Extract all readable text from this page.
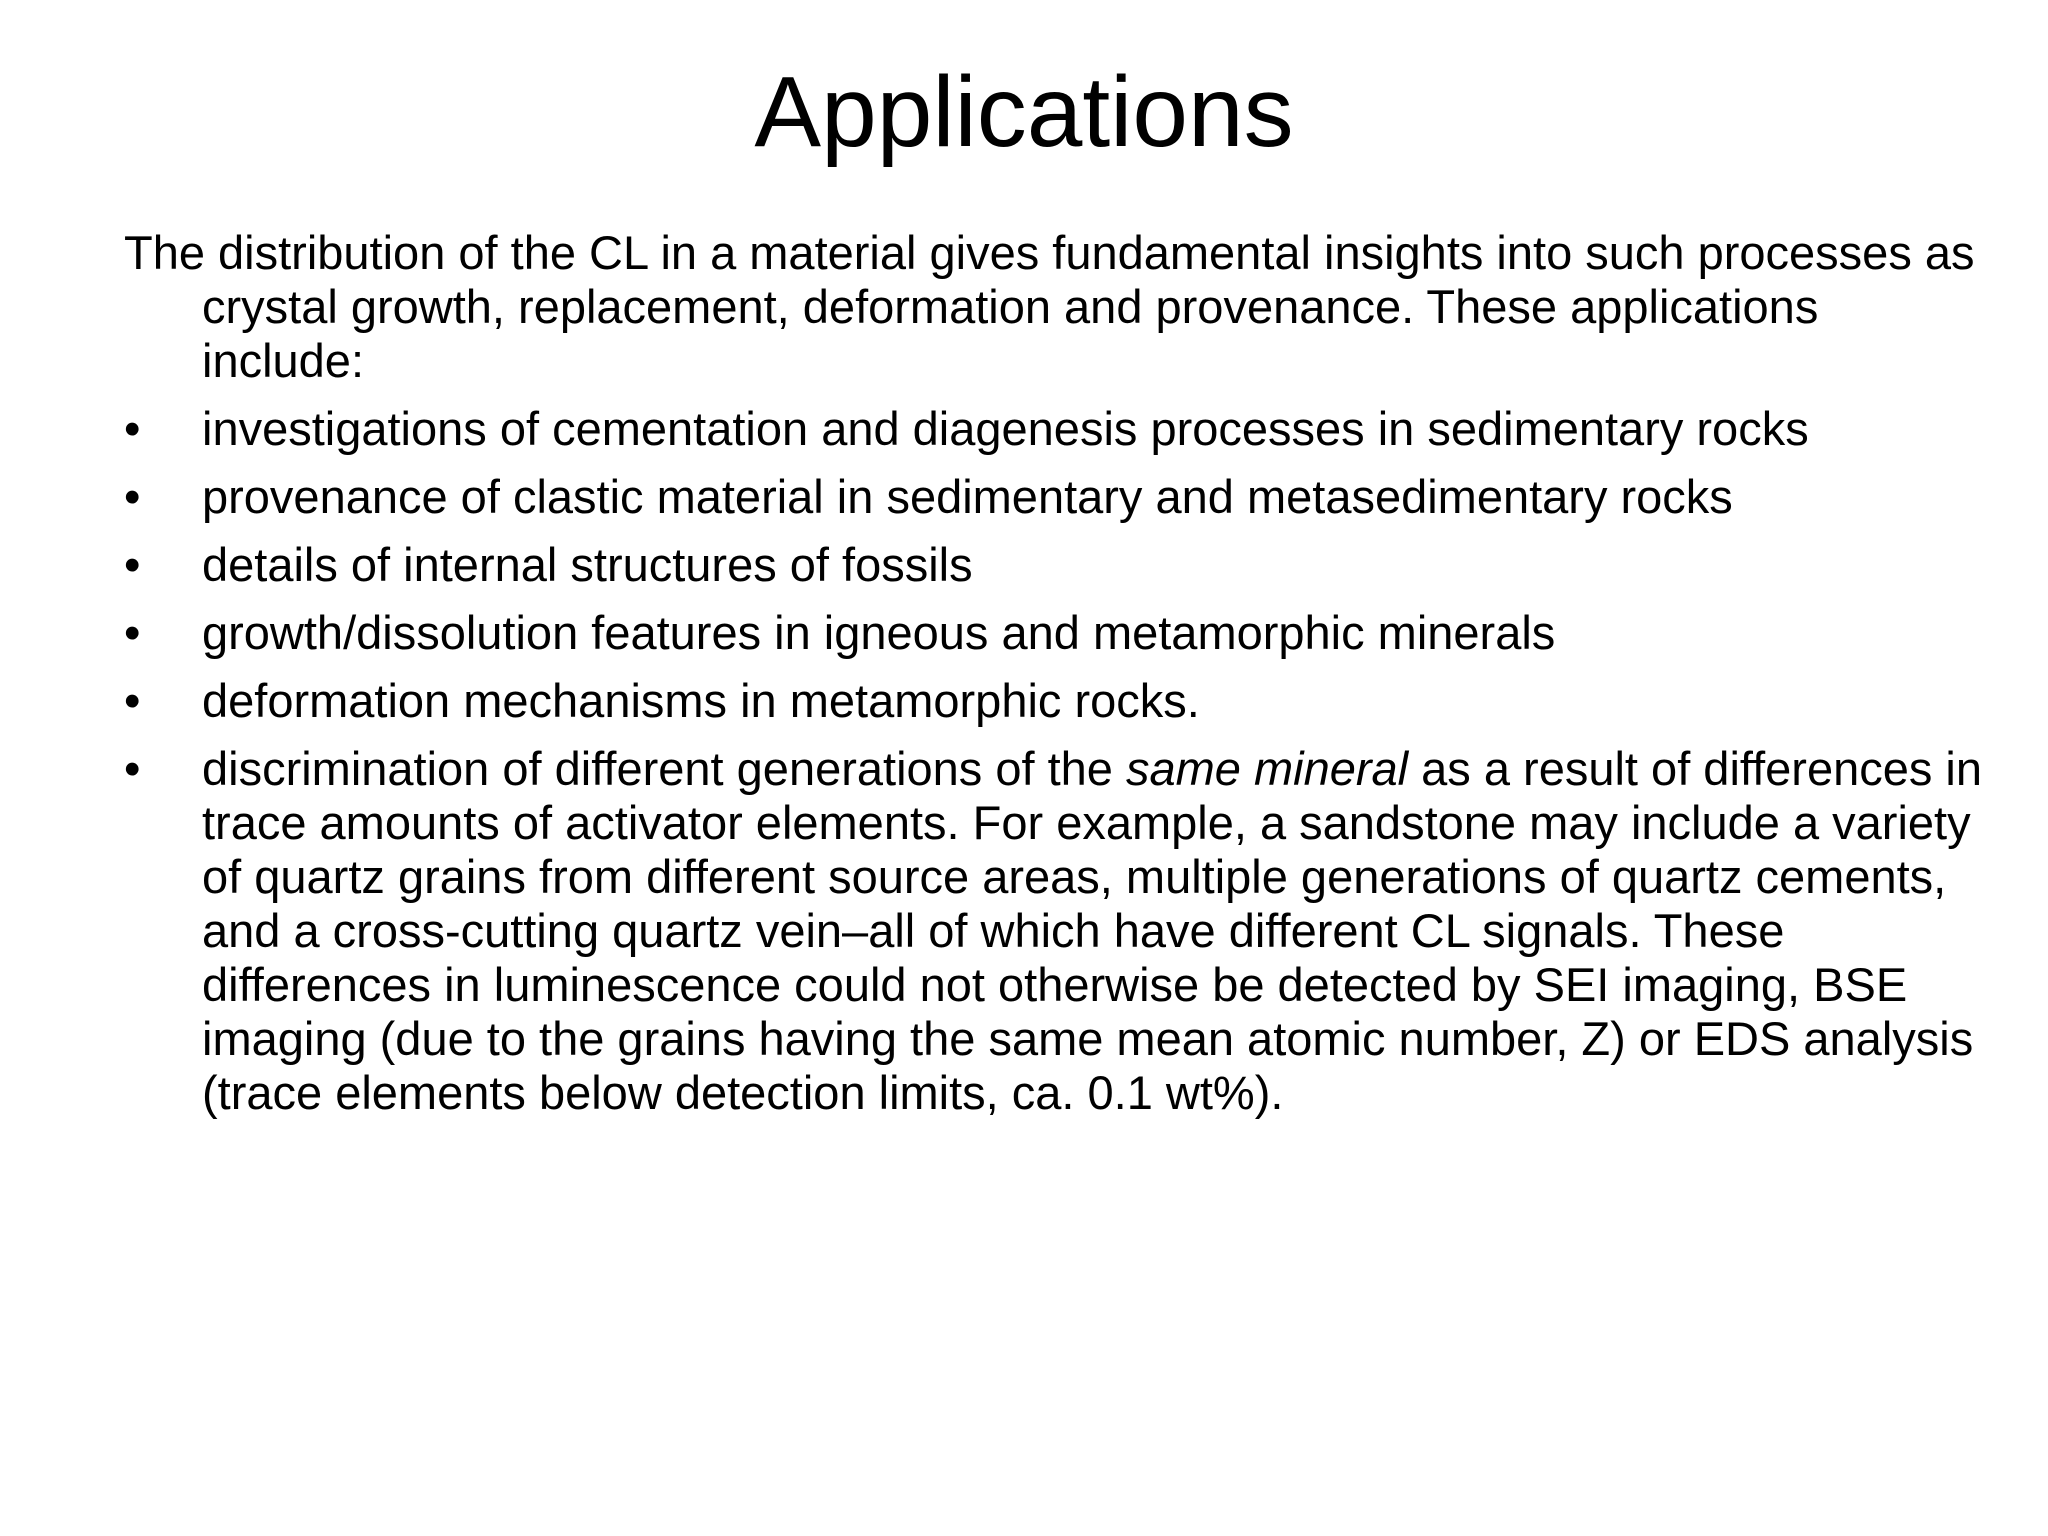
Applications

The distribution of the CL in a material gives fundamental insights into such processes as crystal growth, replacement, deformation and provenance. These applications include:

•	investigations of cementation and diagenesis processes in sedimentary rocks
•	provenance of clastic material in sedimentary and metasedimentary rocks
•	details of internal structures of fossils
•	growth/dissolution features in igneous and metamorphic minerals
•	deformation mechanisms in metamorphic rocks.
•	discrimination of different generations of the same mineral as a result of differences in trace amounts of activator elements. For example, a sandstone may include a variety of quartz grains from different source areas, multiple generations of quartz cements, and a cross-cutting quartz vein–all of which have different CL signals. These differences in luminescence could not otherwise be detected by SEI imaging, BSE imaging (due to the grains having the same mean atomic number, Z) or EDS analysis (trace elements below detection limits, ca. 0.1 wt%).
